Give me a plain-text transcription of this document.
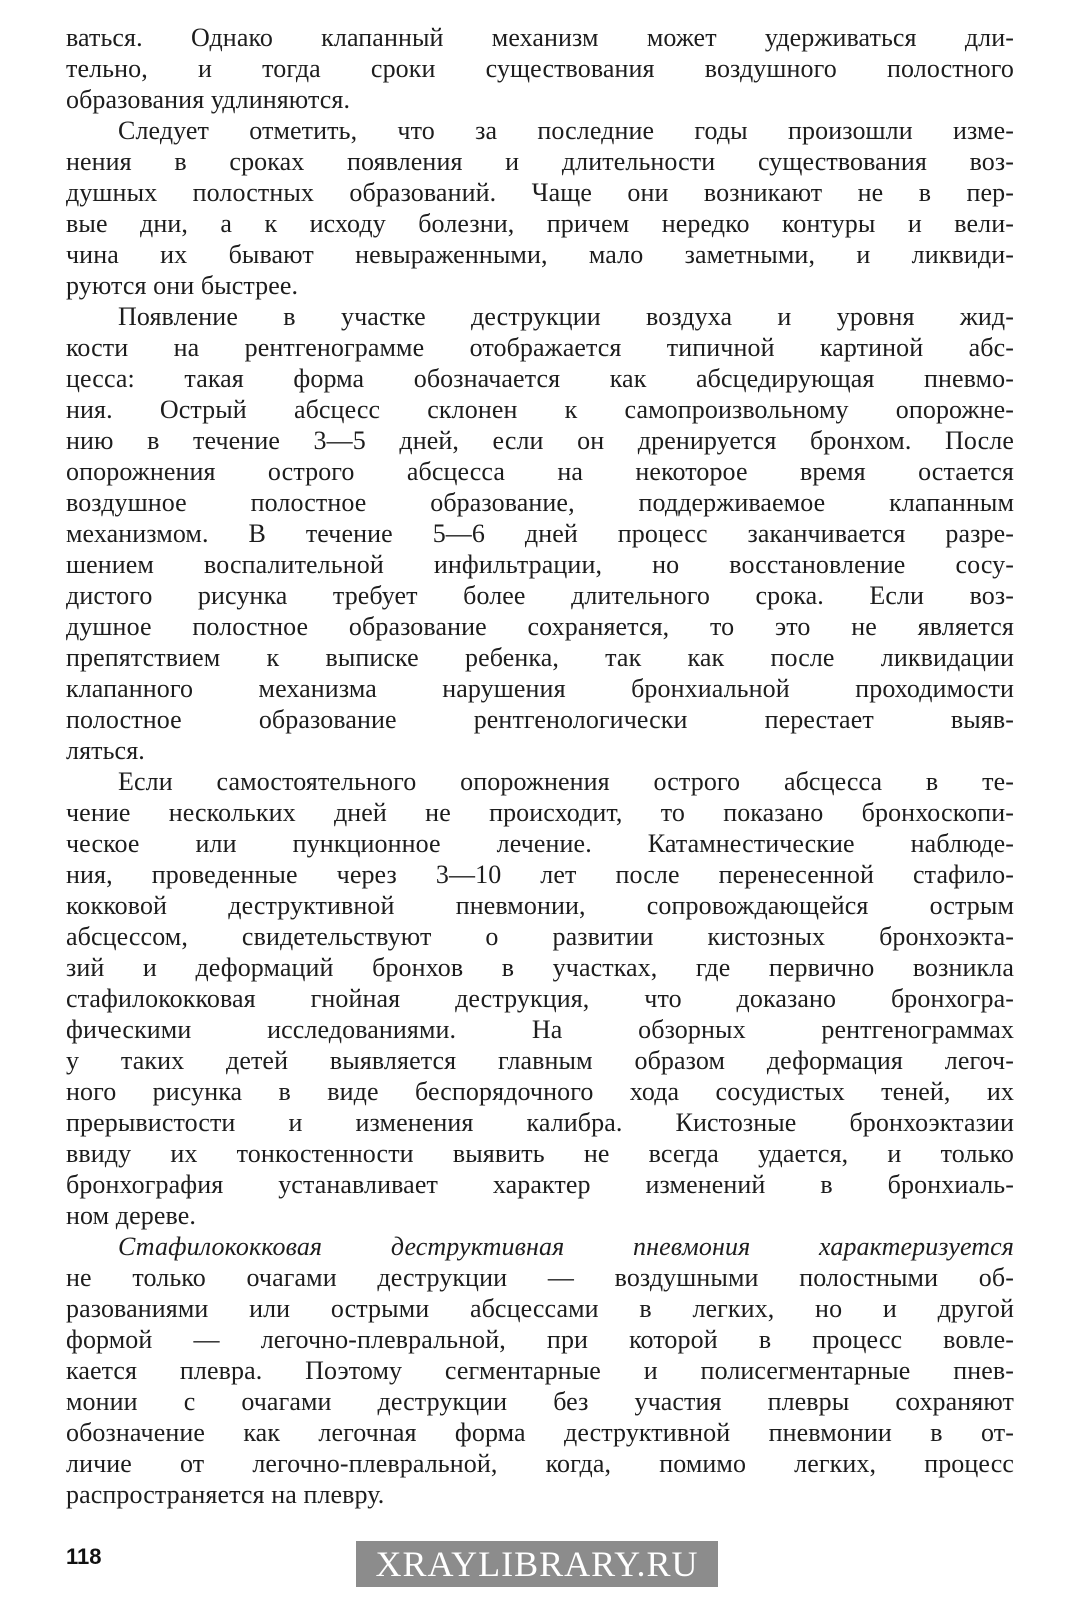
ваться. Однако клапанный механизм может удерживаться дли-
тельно, и тогда сроки существования воздушного полостного
образования удлиняются.

Следует отметить, что за последние годы произошли изме-
нения в сроках появления и длительности существования воз-
душных полостных образований. Чаще они возникают не в пер-
вые дни, а к исходу болезни, причем нередко контуры и вели-
чина их бывают невыраженными, мало заметными, и ликвиди-
руются они быстрее.

Появление в участке деструкции воздуха и уровня жид-
кости на рентгенограмме отображается типичной картиной абс-
цесса: такая форма обозначается как абсцедирующая пневмо-
ния. Острый абсцесс склонен к самопроизвольному опорожне-
нию в течение 3—5 дней, если он дренируется бронхом. После
опорожнения острого абсцесса на некоторое время остается
воздушное полостное образование, поддерживаемое клапанным
механизмом. В течение 5—6 дней процесс заканчивается разре-
шением воспалительной инфильтрации, но восстановление сосу-
дистого рисунка требует более длительного срока. Если воз-
душное полостное образование сохраняется, то это не является
препятствием к выписке ребенка, так как после ликвидации
клапанного механизма нарушения бронхиальной проходимости
полостное образование рентгенологически перестает выяв-
ляться.

Если самостоятельного опорожнения острого абсцесса в те-
чение нескольких дней не происходит, то показано бронхоскопи-
ческое или пункционное лечение. Катамнестические наблюде-
ния, проведенные через 3—10 лет после перенесенной стафило-
кокковой деструктивной пневмонии, сопровождающейся острым
абсцессом, свидетельствуют о развитии кистозных бронхоэкта-
зий и деформаций бронхов в участках, где первично возникла
стафилококковая гнойная деструкция, что доказано бронхогра-
фическими исследованиями. На обзорных рентгенограммах
у таких детей выявляется главным образом деформация легоч-
ного рисунка в виде беспорядочного хода сосудистых теней, их
прерывистости и изменения калибра. Кистозные бронхоэктазии
ввиду их тонкостенности выявить не всегда удается, и только
бронхография устанавливает характер изменений в бронхиаль-
ном дереве.

Стафилококковая деструктивная пневмония характеризуется
не только очагами деструкции — воздушными полостными об-
разованиями или острыми абсцессами в легких, но и другой
формой — легочно-плевральной, при которой в процесс вовле-
кается плевра. Поэтому сегментарные и полисегментарные пнев-
монии с очагами деструкции без участия плевры сохраняют
обозначение как легочная форма деструктивной пневмонии в от-
личие от легочно-плевральной, когда, помимо легких, процесс
распространяется на плевру.

118	XRAYLIBRARY.RU
